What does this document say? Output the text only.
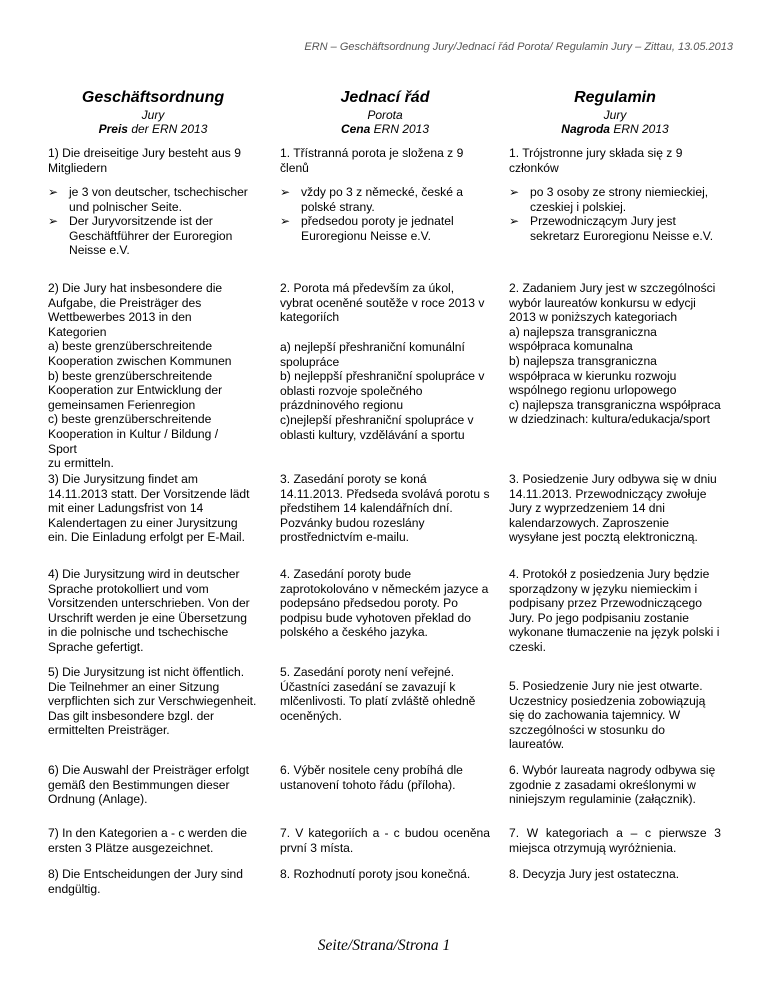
ERN – Geschäftsordnung Jury/Jednací řád Porota/ Regulamin Jury – Zittau, 13.05.2013
Geschäftsordnung
Jury
Preis der ERN 2013
1) Die dreiseitige Jury besteht aus 9 Mitgliedern
➢ je 3 von deutscher, tschechischer und polnischer Seite.
➢ Der Juryvorsitzende ist der Geschäftführer der Euroregion Neisse e.V.

2) Die Jury hat insbesondere die

Aufgabe, die Preisträger des

Wettbewerbes 2013 in den

Kategorien

a) beste grenzüberschreitende

Kooperation zwischen Kommunen

b) beste grenzüberschreitende

Kooperation zur Entwicklung der

gemeinsamen Ferienregion

c) beste grenzüberschreitende

Kooperation in Kultur / Bildung /

Sport

zu ermitteln.

3) Die Jurysitzung findet am 14.11.2013 statt. Der Vorsitzende lädt mit einer Ladungsfrist von 14 Kalendertagen zu einer Jurysitzung ein. Die Einladung erfolgt per E-Mail.
4) Die Jurysitzung wird in deutscher Sprache protokolliert und vom Vorsitzenden unterschrieben. Von der Urschrift werden je eine Übersetzung in die polnische und tschechische Sprache gefertigt.
5) Die Jurysitzung ist nicht öffentlich. Die Teilnehmer an einer Sitzung verpflichten sich zur Verschwiegenheit. Das gilt insbesondere bzgl. der ermittelten Preisträger.
6) Die Auswahl der Preisträger erfolgt gemäß den Bestimmungen dieser Ordnung (Anlage).
7) In den Kategorien a - c werden die ersten 3 Plätze ausgezeichnet.
8) Die Entscheidungen der Jury sind endgültig.
Jednací řád
Porota
Cena ERN 2013
1. Třístranná porota je složena z 9 členů
➢ vždy po 3 z německé, české a polské strany.
➢ předsedou poroty je jednatel Euroregionu Neisse e.V.
2. Porota má především za úkol, vybrat oceněné soutěže v roce 2013 v kategoriích
a) nejlepší přeshraniční komunální spolupráce
b) nejleppší přeshraniční spolupráce v oblasti rozvoje společného prázdninového regionu
c)nejlepší přeshraniční spolupráce v oblasti kultury, vzdělávání a sportu
3. Zasedání poroty se koná 14.11.2013. Předseda svolává porotu s předstihem 14 kalendářních dní. Pozvánky budou rozeslány prostřednictvím e-mailu.
4. Zasedání poroty bude zaprotokolováno v německém jazyce a podepsáno předsedou poroty. Po podpisu bude vyhotoven překlad do polského a českého jazyka.
5. Zasedání poroty není veřejné. Účastníci zasedání se zavazují k mlčenlivosti. To platí zvláště ohledně oceněných.
6. Výběr nositele ceny probíhá dle ustanovení tohoto řádu (příloha).
7. V kategoriích a - c budou oceněna první 3 místa.
8. Rozhodnutí poroty jsou konečná.
Regulamin
Jury
Nagroda ERN 2013
1. Trójstronne jury składa się z 9 członków
➢ po 3 osoby ze strony niemieckiej, czeskiej i polskiej.
➢ Przewodniczącym Jury jest sekretarz Euroregionu Neisse e.V.
2. Zadaniem Jury jest w szczególności wybór laureatów konkursu w edycji 2013 w poniższych kategoriach
a) najlepsza transgraniczna współpraca komunalna
b) najlepsza transgraniczna współpraca w kierunku rozwoju wspólnego regionu urlopowego
c) najlepsza transgraniczna współpraca w dziedzinach: kultura/edukacja/sport
3. Posiedzenie Jury odbywa się w dniu 14.11.2013. Przewodniczący zwołuje Jury z wyprzedzeniem 14 dni kalendarzowych. Zaproszenie wysyłane jest pocztą elektroniczną.
4. Protokół z posiedzenia Jury będzie sporządzony w języku niemieckim i podpisany przez Przewodniczącego Jury. Po jego podpisaniu zostanie wykonane tłumaczenie na język polski i czeski.
5. Posiedzenie Jury nie jest otwarte. Uczestnicy posiedzenia zobowiązują się do zachowania tajemnicy. W szczególności w stosunku do laureatów.
6. Wybór laureata nagrody odbywa się zgodnie z zasadami określonymi w niniejszym regulaminie (załącznik).
7. W kategoriach a – c pierwsze 3 miejsca otrzymują wyróżnienia.
8. Decyzja Jury jest ostateczna.
Seite/Strana/Strona 1
